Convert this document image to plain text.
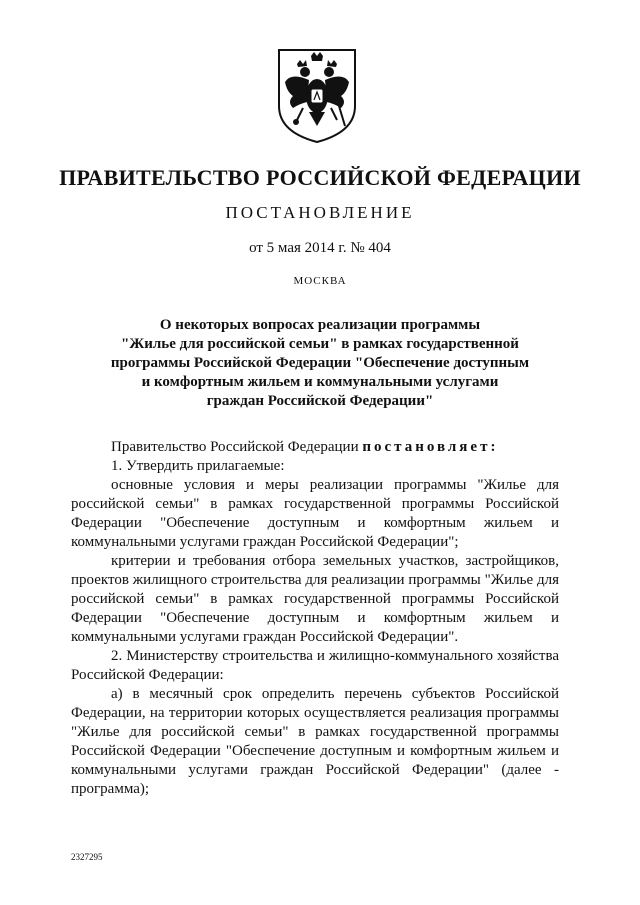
ПРАВИТЕЛЬСТВО РОССИЙСКОЙ ФЕДЕРАЦИИ
ПОСТАНОВЛЕНИЕ
от 5 мая 2014 г. № 404
МОСКВА
О некоторых вопросах реализации программы
"Жилье для российской семьи" в рамках государственной
программы Российской Федерации "Обеспечение доступным
и комфортным жильем и коммунальными услугами
граждан Российской Федерации"

Правительство Российской Федерации постановляет:

1. Утвердить прилагаемые:

основные условия и меры реализации программы "Жилье для российской семьи" в рамках государственной программы Российской Федерации "Обеспечение доступным и комфортным жильем и коммунальными услугами граждан Российской Федерации";

критерии и требования отбора земельных участков, застройщиков, проектов жилищного строительства для реализации программы "Жилье для российской семьи" в рамках государственной программы Российской Федерации "Обеспечение доступным и комфортным жильем и коммунальными услугами граждан Российской Федерации".

2. Министерству строительства и жилищно-коммунального хозяйства Российской Федерации:

а) в месячный срок определить перечень субъектов Российской Федерации, на территории которых осуществляется реализация программы "Жилье для российской семьи" в рамках государственной программы Российской Федерации "Обеспечение доступным и комфортным жильем и коммунальными услугами граждан Российской Федерации" (далее - программа);

2327295
